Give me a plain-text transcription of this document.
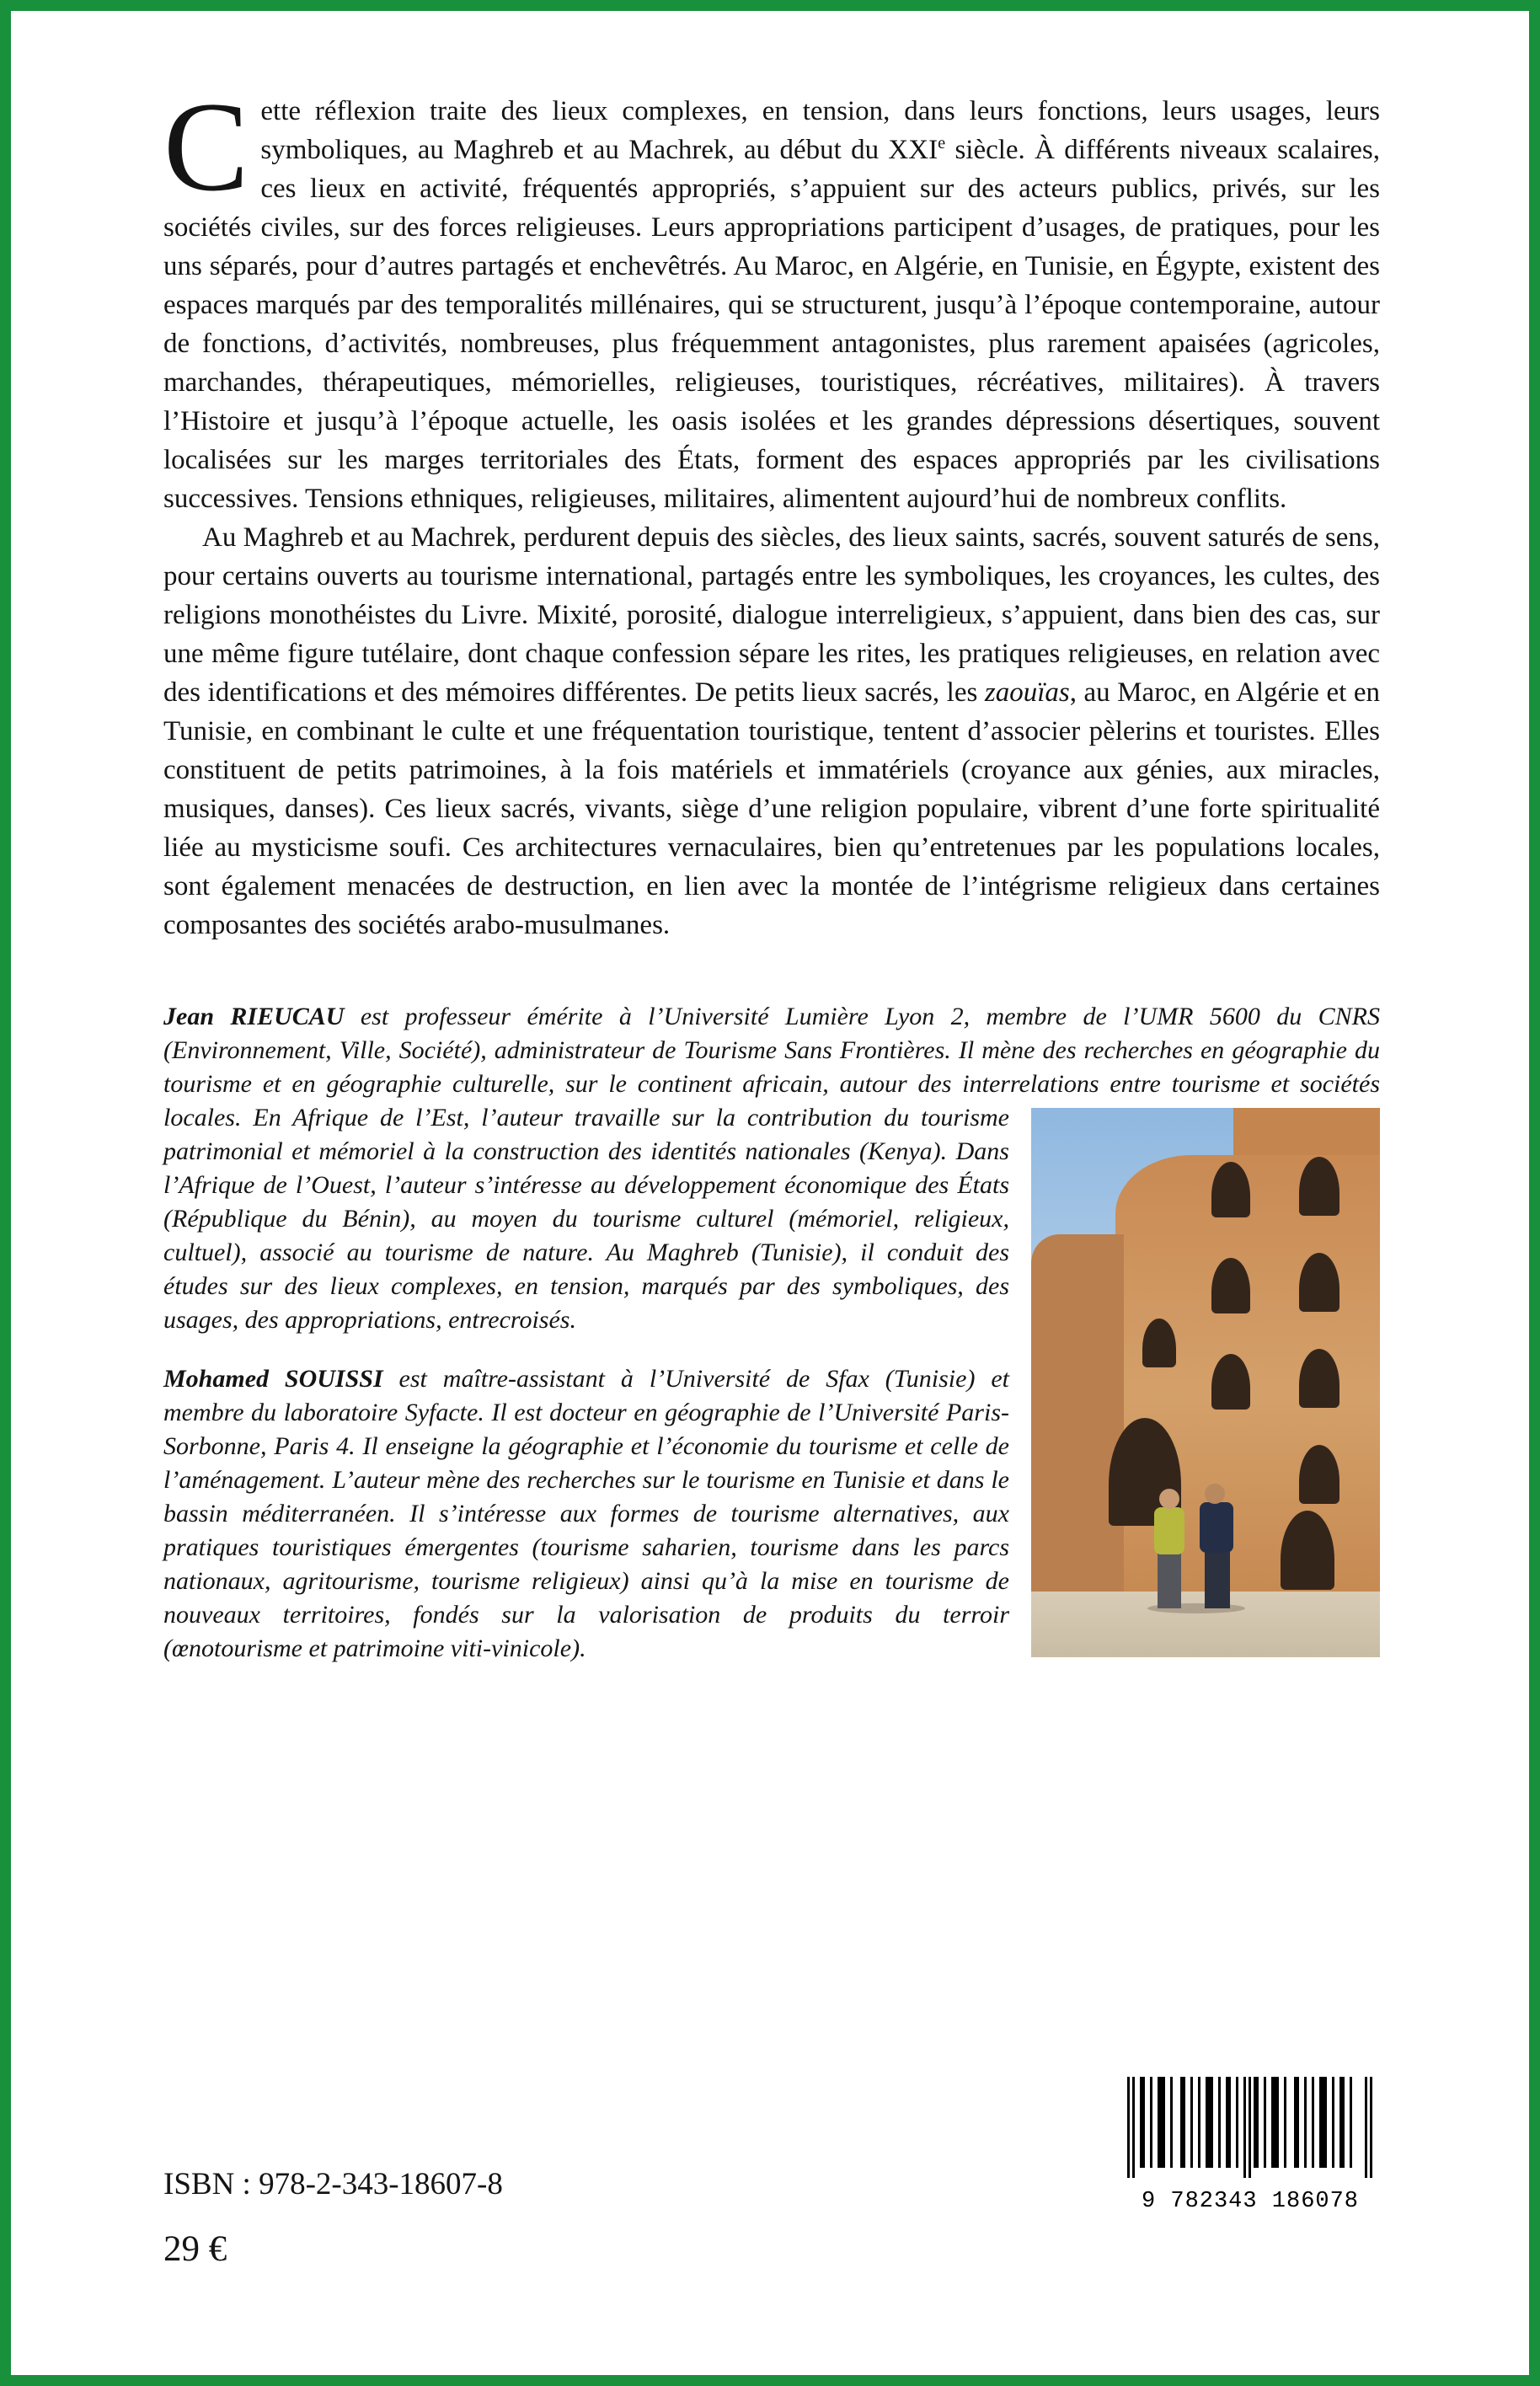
Cette réflexion traite des lieux complexes, en tension, dans leurs fonctions, leurs usages, leurs symboliques, au Maghreb et au Machrek, au début du XXIe siècle. À différents niveaux scalaires, ces lieux en activité, fréquentés appropriés, s’appuient sur des acteurs publics, privés, sur les sociétés civiles, sur des forces religieuses. Leurs appropriations participent d’usages, de pratiques, pour les uns séparés, pour d’autres partagés et enchevêtrés. Au Maroc, en Algérie, en Tunisie, en Égypte, existent des espaces marqués par des temporalités millénaires, qui se structurent, jusqu’à l’époque contemporaine, autour de fonctions, d’activités, nombreuses, plus fréquemment antagonistes, plus rarement apaisées (agricoles, marchandes, thérapeutiques, mémorielles, religieuses, touristiques, récréatives, militaires). À travers l’Histoire et jusqu’à l’époque actuelle, les oasis isolées et les grandes dépressions désertiques, souvent localisées sur les marges territoriales des États, forment des espaces appropriés par les civilisations successives. Tensions ethniques, religieuses, militaires, alimentent aujourd’hui de nombreux conflits.

Au Maghreb et au Machrek, perdurent depuis des siècles, des lieux saints, sacrés, souvent saturés de sens, pour certains ouverts au tourisme international, partagés entre les symboliques, les croyances, les cultes, des religions monothéistes du Livre. Mixité, porosité, dialogue interreligieux, s’appuient, dans bien des cas, sur une même figure tutélaire, dont chaque confession sépare les rites, les pratiques religieuses, en relation avec des identifications et des mémoires différentes. De petits lieux sacrés, les zaouïas, au Maroc, en Algérie et en Tunisie, en combinant le culte et une fréquentation touristique, tentent d’associer pèlerins et touristes. Elles constituent de petits patrimoines, à la fois matériels et immatériels (croyance aux génies, aux miracles, musiques, danses). Ces lieux sacrés, vivants, siège d’une religion populaire, vibrent d’une forte spiritualité liée au mysticisme soufi. Ces architectures vernaculaires, bien qu’entretenues par les populations locales, sont également menacées de destruction, en lien avec la montée de l’intégrisme religieux dans certaines composantes des sociétés arabo-musulmanes.

Jean RIEUCAU est professeur émérite à l’Université Lumière Lyon 2, membre de l’UMR 5600 du CNRS (Environnement, Ville, Société), administrateur de Tourisme Sans Frontières. Il mène des recherches en géographie du tourisme et en géographie culturelle, sur le continent africain, autour des interrelations entre tourisme et sociétés locales. En Afrique de l’Est, l’auteur travaille sur la
contribution du tourisme patrimonial et mémoriel à la construction des identités nationales (Kenya). Dans l’Afrique de l’Ouest, l’auteur s’intéresse au développement économique des États (République du Bénin), au moyen du tourisme culturel (mémoriel, religieux, cultuel), associé au tourisme de nature. Au Maghreb (Tunisie), il conduit des études sur des lieux complexes, en tension, marqués par des symboliques, des usages, des appropriations, entrecroisés.

Mohamed SOUISSI est maître-assistant à l’Université de Sfax (Tunisie) et membre du laboratoire Syfacte. Il est docteur en géographie de l’Université Paris-Sorbonne, Paris 4. Il enseigne la géographie et l’économie du tourisme et celle de l’aménagement. L’auteur mène des recherches sur le tourisme en Tunisie et dans le bassin méditerranéen. Il s’intéresse aux formes de tourisme alternatives, aux pratiques touristiques émergentes (tourisme saharien, tourisme dans les parcs nationaux, agritourisme, tourisme religieux) ainsi qu’à la mise en tourisme de nouveaux territoires, fondés sur la valorisation de produits du terroir (œnotourisme et patrimoine viti-vinicole).

ISBN : 978-2-343-18607-8
29 €
9 782343 186078
